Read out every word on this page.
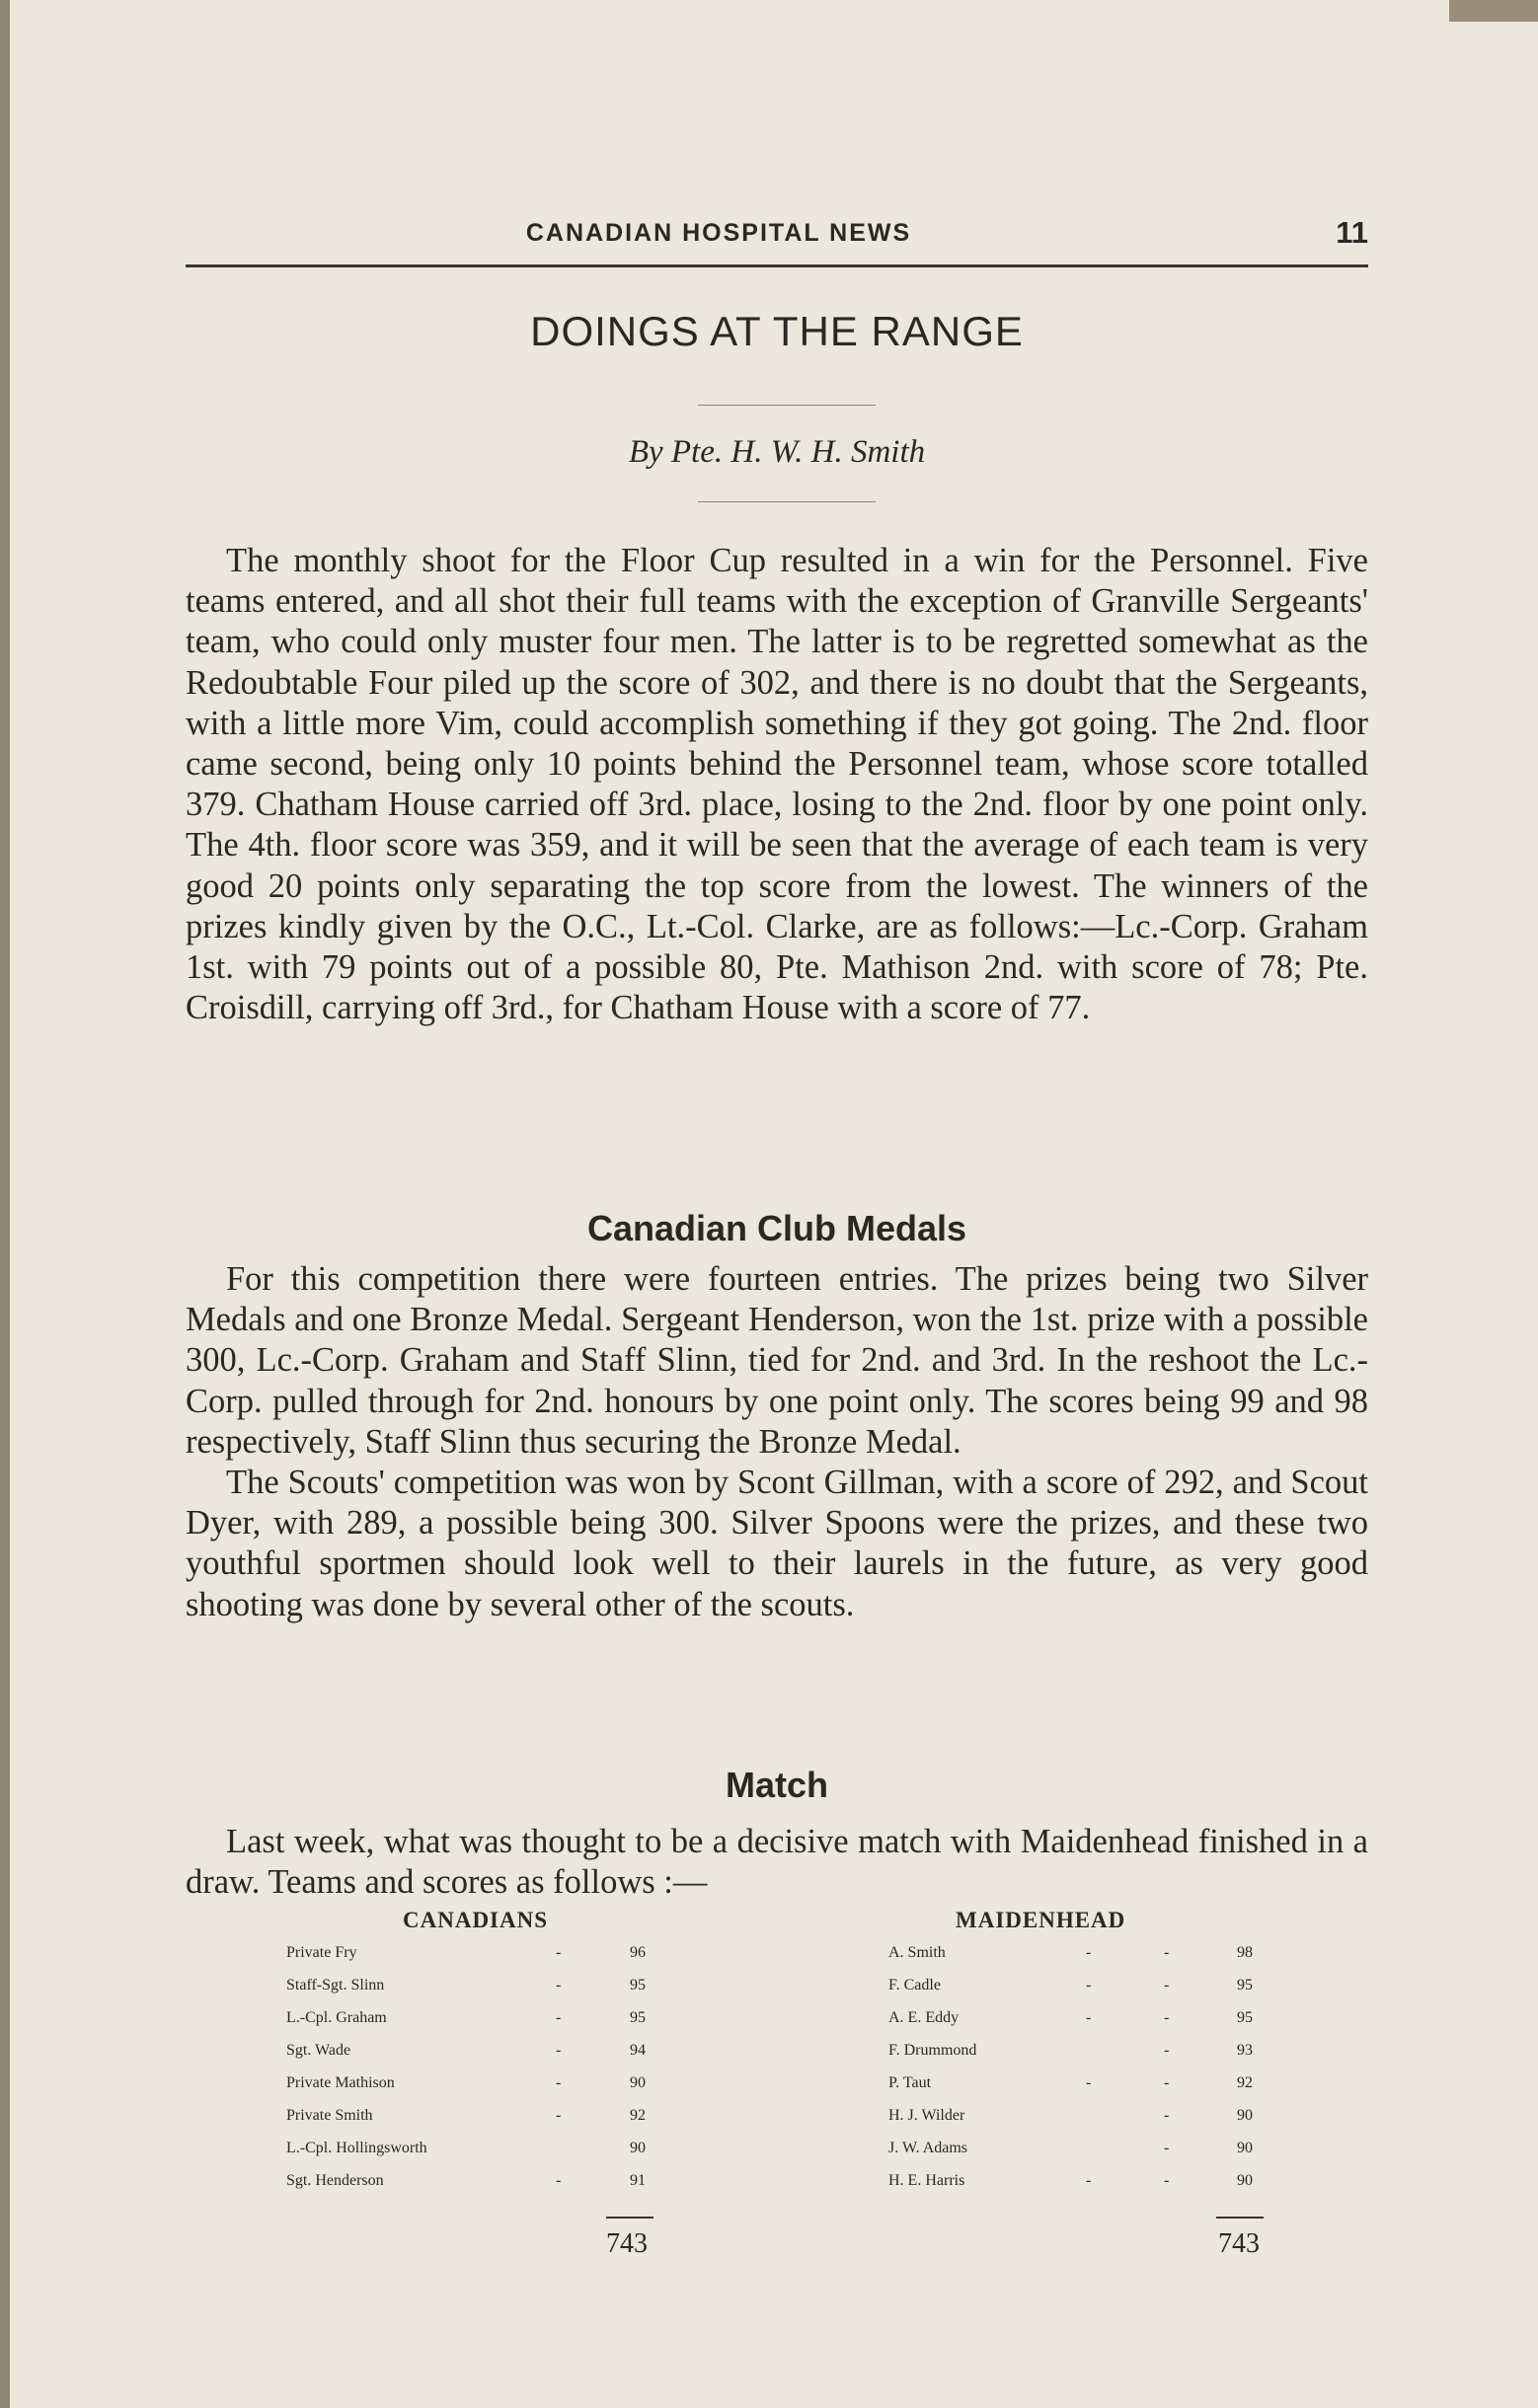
CANADIAN HOSPITAL NEWS	11
DOINGS AT THE RANGE
By Pte. H. W. H. Smith

The monthly shoot for the Floor Cup resulted in a win for the Personnel. Five teams entered, and all shot their full teams with the exception of Granville Sergeants' team, who could only muster four men. The latter is to be regretted somewhat as the Redoubtable Four piled up the score of 302, and there is no doubt that the Sergeants, with a little more Vim, could accomplish something if they got going. The 2nd. floor came second, being only 10 points behind the Personnel team, whose score totalled 379. Chatham House carried off 3rd. place, losing to the 2nd. floor by one point only. The 4th. floor score was 359, and it will be seen that the average of each team is very good 20 points only separating the top score from the lowest. The winners of the prizes kindly given by the O.C., Lt.-Col. Clarke, are as follows:—Lc.-Corp. Graham 1st. with 79 points out of a possible 80, Pte. Mathison 2nd. with score of 78; Pte. Croisdill, carrying off 3rd., for Chatham House with a score of 77.

Canadian Club Medals

For this competition there were fourteen entries. The prizes being two Silver Medals and one Bronze Medal. Sergeant Henderson, won the 1st. prize with a possible 300, Lc.-Corp. Graham and Staff Slinn, tied for 2nd. and 3rd. In the reshoot the Lc.-Corp. pulled through for 2nd. honours by one point only. The scores being 99 and 98 respectively, Staff Slinn thus securing the Bronze Medal.

The Scouts' competition was won by Scont Gillman, with a score of 292, and Scout Dyer, with 289, a possible being 300. Silver Spoons were the prizes, and these two youthful sportmen should look well to their laurels in the future, as very good shooting was done by several other of the scouts.

Match

Last week, what was thought to be a decisive match with Maidenhead finished in a draw. Teams and scores as follows :—

CANADIANS	MAIDENHEAD
Private Fry	-	96
Staff-Sgt. Slinn	-	95
L.-Cpl. Graham	-	95
Sgt. Wade	-	94
Private Mathison	-	90
Private Smith	-	92
L.-Cpl. Hollingsworth	90
Sgt. Henderson	-	91
A. Smith	-	-	98
F. Cadle	-	-	95
A. E. Eddy	-	-	95
F. Drummond	-	93
P. Taut	-	-	92
H. J. Wilder	-	90
J. W. Adams	-	90
H. E. Harris	-	-	90
743	743
